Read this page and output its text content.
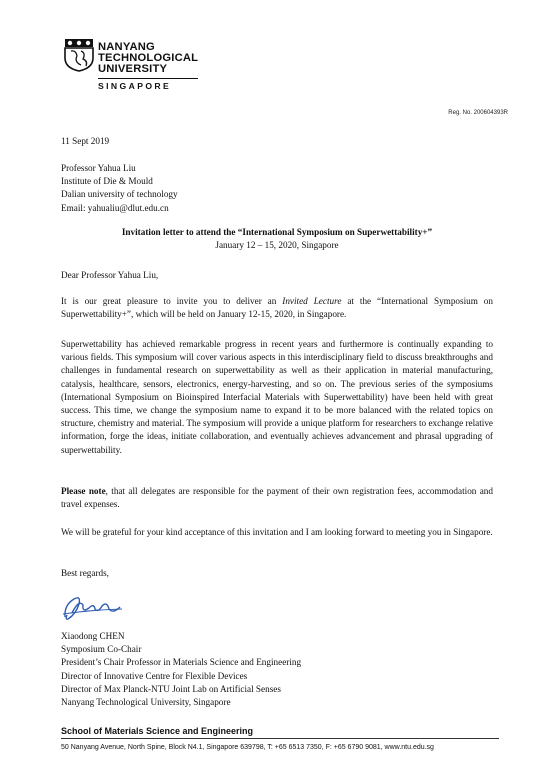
NANYANG
TECHNOLOGICAL
UNIVERSITY
SINGAPORE
Reg. No. 200604393R
11 Sept 2019
Professor Yahua Liu
Institute of Die & Mould
Dalian university of technology
Email: yahualiu@dlut.edu.cn
Invitation letter to attend the “International Symposium on Superwettability+”
January 12 – 15, 2020, Singapore
Dear Professor Yahua Liu,
It is our great pleasure to invite you to deliver an Invited Lecture at the “International Symposium on Superwettability+”, which will be held on January 12-15, 2020, in Singapore.
Superwettability has achieved remarkable progress in recent years and furthermore is continually expanding to various fields. This symposium will cover various aspects in this interdisciplinary field to discuss breakthroughs and challenges in fundamental research on superwettability as well as their application in material manufacturing, catalysis, healthcare, sensors, electronics, energy-harvesting, and so on. The previous series of the symposiums (International Symposium on Bioinspired Interfacial Materials with Superwettability) have been held with great success. This time, we change the symposium name to expand it to be more balanced with the related topics on structure, chemistry and material. The symposium will provide a unique platform for researchers to exchange relative information, forge the ideas, initiate collaboration, and eventually achieves advancement and phrasal upgrading of superwettability.
Please note, that all delegates are responsible for the payment of their own registration fees, accommodation and travel expenses.
We will be grateful for your kind acceptance of this invitation and I am looking forward to meeting you in Singapore.
Best regards,
Xiaodong CHEN
Symposium Co-Chair
President’s Chair Professor in Materials Science and Engineering
Director of Innovative Centre for Flexible Devices
Director of Max Planck-NTU Joint Lab on Artificial Senses
Nanyang Technological University, Singapore
School of Materials Science and Engineering
50 Nanyang Avenue, North Spine, Block N4.1, Singapore 639798, T: +65 6513 7350, F: +65 6790 9081, www.ntu.edu.sg
